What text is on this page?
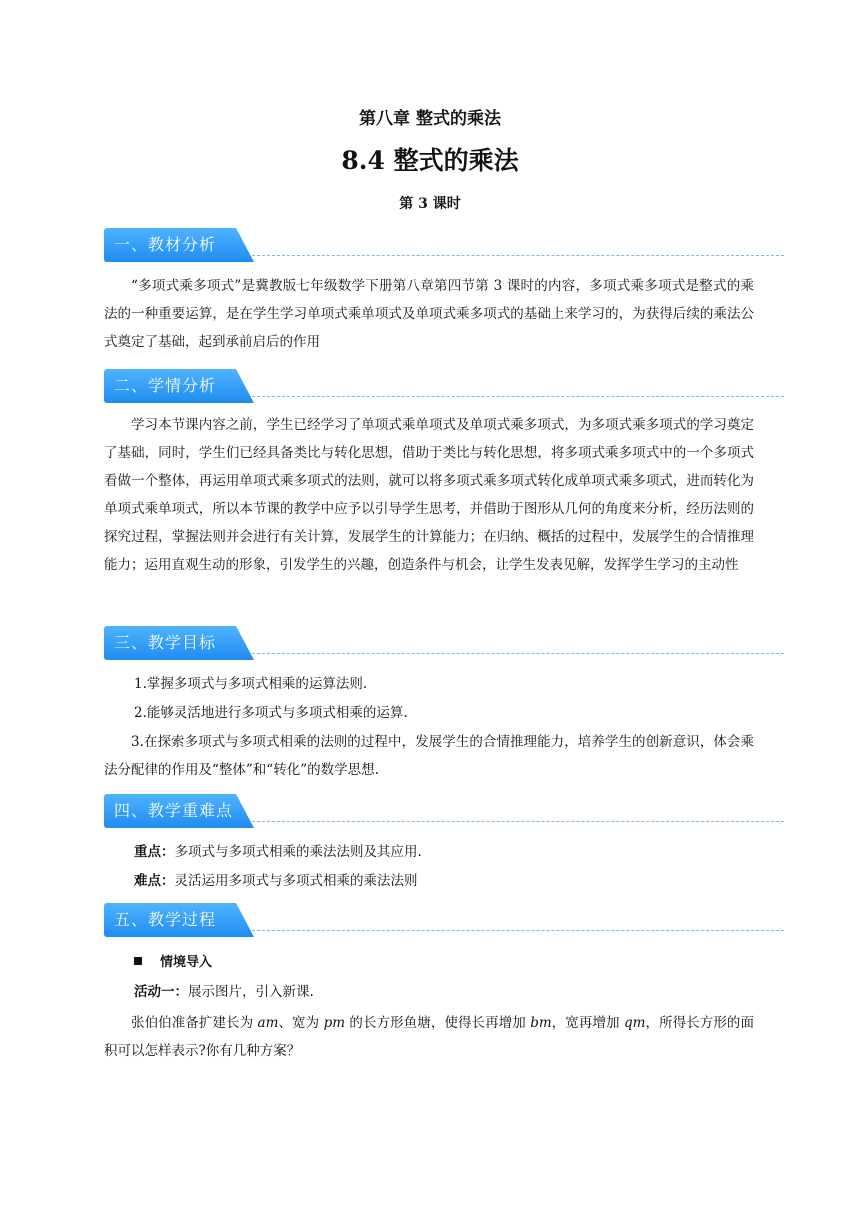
第八章 整式的乘法
8.4 整式的乘法
第 3 课时
一、教材分析
“多项式乘多项式”是冀教版七年级数学下册第八章第四节第 3 课时的内容，多项式乘多项式是整式的乘法的一种重要运算，是在学生学习单项式乘单项式及单项式乘多项式的基础上来学习的，为获得后续的乘法公式奠定了基础，起到承前启后的作用
二、学情分析
学习本节课内容之前，学生已经学习了单项式乘单项式及单项式乘多项式，为多项式乘多项式的学习奠定了基础，同时，学生们已经具备类比与转化思想，借助于类比与转化思想，将多项式乘多项式中的一个多项式看做一个整体，再运用单项式乘多项式的法则，就可以将多项式乘多项式转化成单项式乘多项式，进而转化为单项式乘单项式，所以本节课的教学中应予以引导学生思考，并借助于图形从几何的角度来分析，经历法则的探究过程，掌握法则并会进行有关计算，发展学生的计算能力；在归纳、概括的过程中，发展学生的合情推理能力；运用直观生动的形象，引发学生的兴趣，创造条件与机会，让学生发表见解，发挥学生学习的主动性
三、教学目标
1.掌握多项式与多项式相乘的运算法则.
2.能够灵活地进行多项式与多项式相乘的运算.
3.在探索多项式与多项式相乘的法则的过程中，发展学生的合情推理能力，培养学生的创新意识，体会乘法分配律的作用及“整体”和“转化”的数学思想.
四、教学重难点
重点：多项式与多项式相乘的乘法法则及其应用.
难点：灵活运用多项式与多项式相乘的乘法法则
五、教学过程
情境导入
活动一：展示图片，引入新课.
张伯伯准备扩建长为 am、宽为 pm 的长方形鱼塘，使得长再增加 bm，宽再增加 qm，所得长方形的面积可以怎样表示?你有几种方案？
